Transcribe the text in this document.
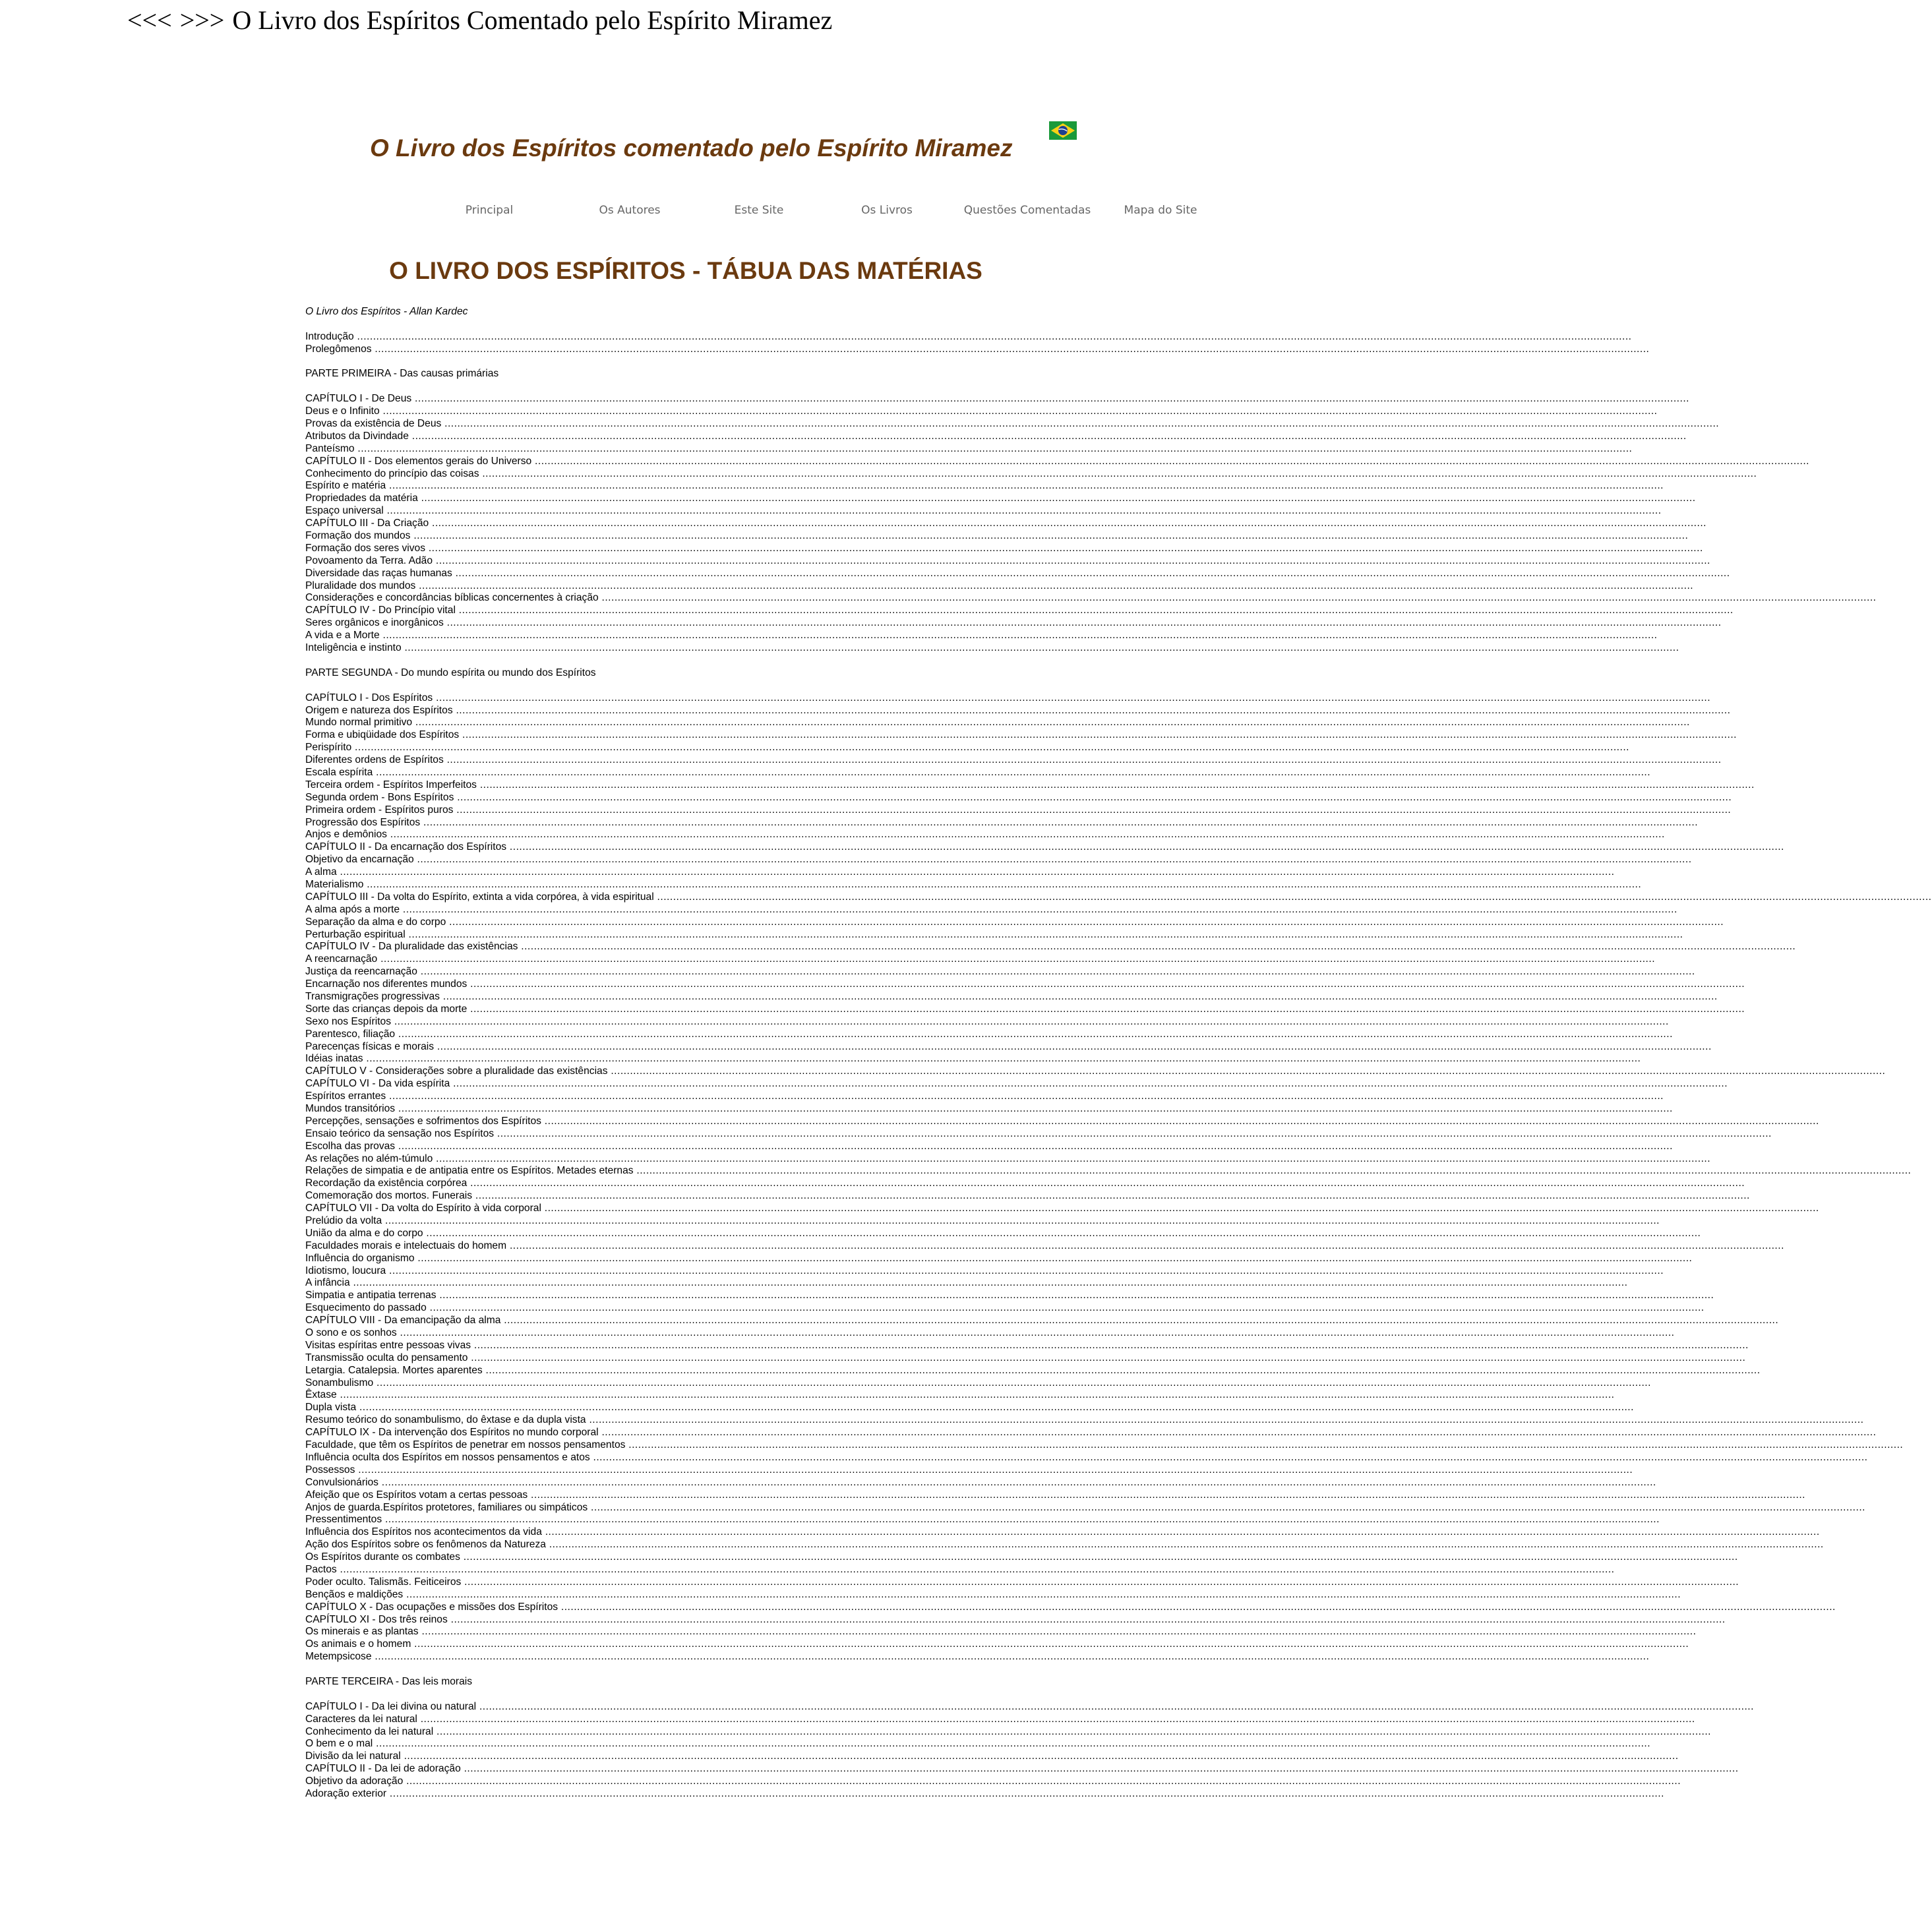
<<< >>> O Livro dos Espíritos Comentado pelo Espírito Miramez
O Livro dos Espíritos comentado pelo Espírito Miramez
Principal	Os Autores	Este Site	Os Livros	Questões Comentadas	Mapa do Site
O LIVRO DOS ESPÍRITOS - TÁBUA DAS MATÉRIAS
O Livro dos Espíritos - Allan Kardec
Introdução ................................................................................................................................................................................................................................................................................................................................................................................................................
Prolegômenos ................................................................................................................................................................................................................................................................................................................................................................................................................
PARTE PRIMEIRA - Das causas primárias
CAPÍTULO I - De Deus ................................................................................................................................................................................................................................................................................................................................................................................................................
Deus e o Infinito ................................................................................................................................................................................................................................................................................................................................................................................................................
Provas da existência de Deus ................................................................................................................................................................................................................................................................................................................................................................................................................
Atributos da Divindade ................................................................................................................................................................................................................................................................................................................................................................................................................
Panteísmo ................................................................................................................................................................................................................................................................................................................................................................................................................
CAPÍTULO II - Dos elementos gerais do Universo ................................................................................................................................................................................................................................................................................................................................................................................................................
Conhecimento do princípio das coisas ................................................................................................................................................................................................................................................................................................................................................................................................................
Espírito e matéria ................................................................................................................................................................................................................................................................................................................................................................................................................
Propriedades da matéria ................................................................................................................................................................................................................................................................................................................................................................................................................
Espaço universal ................................................................................................................................................................................................................................................................................................................................................................................................................
CAPÍTULO III - Da Criação ................................................................................................................................................................................................................................................................................................................................................................................................................
Formação dos mundos ................................................................................................................................................................................................................................................................................................................................................................................................................
Formação dos seres vivos ................................................................................................................................................................................................................................................................................................................................................................................................................
Povoamento da Terra. Adão ................................................................................................................................................................................................................................................................................................................................................................................................................
Diversidade das raças humanas ................................................................................................................................................................................................................................................................................................................................................................................................................
Pluralidade dos mundos ................................................................................................................................................................................................................................................................................................................................................................................................................
Considerações e concordâncias bíblicas concernentes à criação ................................................................................................................................................................................................................................................................................................................................................................................................................
CAPÍTULO IV - Do Princípio vital ................................................................................................................................................................................................................................................................................................................................................................................................................
Seres orgânicos e inorgânicos ................................................................................................................................................................................................................................................................................................................................................................................................................
A vida e a Morte ................................................................................................................................................................................................................................................................................................................................................................................................................
Inteligência e instinto ................................................................................................................................................................................................................................................................................................................................................................................................................
PARTE SEGUNDA - Do mundo espírita ou mundo dos Espíritos
CAPÍTULO I - Dos Espíritos ................................................................................................................................................................................................................................................................................................................................................................................................................
Origem e natureza dos Espíritos ................................................................................................................................................................................................................................................................................................................................................................................................................
Mundo normal primitivo ................................................................................................................................................................................................................................................................................................................................................................................................................
Forma e ubiqüidade dos Espíritos ................................................................................................................................................................................................................................................................................................................................................................................................................
Perispírito ................................................................................................................................................................................................................................................................................................................................................................................................................
Diferentes ordens de Espíritos ................................................................................................................................................................................................................................................................................................................................................................................................................
Escala espírita ................................................................................................................................................................................................................................................................................................................................................................................................................
Terceira ordem - Espíritos Imperfeitos ................................................................................................................................................................................................................................................................................................................................................................................................................
Segunda ordem - Bons Espíritos ................................................................................................................................................................................................................................................................................................................................................................................................................
Primeira ordem - Espíritos puros ................................................................................................................................................................................................................................................................................................................................................................................................................
Progressão dos Espíritos ................................................................................................................................................................................................................................................................................................................................................................................................................
Anjos e demônios ................................................................................................................................................................................................................................................................................................................................................................................................................
CAPÍTULO II - Da encarnação dos Espíritos ................................................................................................................................................................................................................................................................................................................................................................................................................
Objetivo da encarnação ................................................................................................................................................................................................................................................................................................................................................................................................................
A alma ................................................................................................................................................................................................................................................................................................................................................................................................................
Materialismo ................................................................................................................................................................................................................................................................................................................................................................................................................
CAPÍTULO III - Da volta do Espírito, extinta a vida corpórea, à vida espiritual ................................................................................................................................................................................................................................................................................................................................................................................................................
A alma após a morte ................................................................................................................................................................................................................................................................................................................................................................................................................
Separação da alma e do corpo ................................................................................................................................................................................................................................................................................................................................................................................................................
Perturbação espiritual ................................................................................................................................................................................................................................................................................................................................................................................................................
CAPÍTULO IV - Da pluralidade das existências ................................................................................................................................................................................................................................................................................................................................................................................................................
A reencarnação ................................................................................................................................................................................................................................................................................................................................................................................................................
Justiça da reencarnação ................................................................................................................................................................................................................................................................................................................................................................................................................
Encarnação nos diferentes mundos ................................................................................................................................................................................................................................................................................................................................................................................................................
Transmigrações progressivas ................................................................................................................................................................................................................................................................................................................................................................................................................
Sorte das crianças depois da morte ................................................................................................................................................................................................................................................................................................................................................................................................................
Sexo nos Espíritos ................................................................................................................................................................................................................................................................................................................................................................................................................
Parentesco, filiação ................................................................................................................................................................................................................................................................................................................................................................................................................
Parecenças físicas e morais ................................................................................................................................................................................................................................................................................................................................................................................................................
Idéias inatas ................................................................................................................................................................................................................................................................................................................................................................................................................
CAPÍTULO V - Considerações sobre a pluralidade das existências ................................................................................................................................................................................................................................................................................................................................................................................................................
CAPÍTULO VI - Da vida espírita ................................................................................................................................................................................................................................................................................................................................................................................................................
Espíritos errantes ................................................................................................................................................................................................................................................................................................................................................................................................................
Mundos transitórios ................................................................................................................................................................................................................................................................................................................................................................................................................
Percepções, sensações e sofrimentos dos Espíritos ................................................................................................................................................................................................................................................................................................................................................................................................................
Ensaio teórico da sensação nos Espíritos ................................................................................................................................................................................................................................................................................................................................................................................................................
Escolha das provas ................................................................................................................................................................................................................................................................................................................................................................................................................
As relações no além-túmulo ................................................................................................................................................................................................................................................................................................................................................................................................................
Relações de simpatia e de antipatia entre os Espíritos. Metades eternas ................................................................................................................................................................................................................................................................................................................................................................................................................
Recordação da existência corpórea ................................................................................................................................................................................................................................................................................................................................................................................................................
Comemoração dos mortos. Funerais ................................................................................................................................................................................................................................................................................................................................................................................................................
CAPÍTULO VII - Da volta do Espírito à vida corporal ................................................................................................................................................................................................................................................................................................................................................................................................................
Prelúdio da volta ................................................................................................................................................................................................................................................................................................................................................................................................................
União da alma e do corpo ................................................................................................................................................................................................................................................................................................................................................................................................................
Faculdades morais e intelectuais do homem ................................................................................................................................................................................................................................................................................................................................................................................................................
Influência do organismo ................................................................................................................................................................................................................................................................................................................................................................................................................
Idiotismo, loucura ................................................................................................................................................................................................................................................................................................................................................................................................................
A infância ................................................................................................................................................................................................................................................................................................................................................................................................................
Simpatia e antipatia terrenas ................................................................................................................................................................................................................................................................................................................................................................................................................
Esquecimento do passado ................................................................................................................................................................................................................................................................................................................................................................................................................
CAPÍTULO VIII - Da emancipação da alma ................................................................................................................................................................................................................................................................................................................................................................................................................
O sono e os sonhos ................................................................................................................................................................................................................................................................................................................................................................................................................
Visitas espíritas entre pessoas vivas ................................................................................................................................................................................................................................................................................................................................................................................................................
Transmissão oculta do pensamento ................................................................................................................................................................................................................................................................................................................................................................................................................
Letargia. Catalepsia. Mortes aparentes ................................................................................................................................................................................................................................................................................................................................................................................................................
Sonambulismo ................................................................................................................................................................................................................................................................................................................................................................................................................
Êxtase ................................................................................................................................................................................................................................................................................................................................................................................................................
Dupla vista ................................................................................................................................................................................................................................................................................................................................................................................................................
Resumo teórico do sonambulismo, do êxtase e da dupla vista ................................................................................................................................................................................................................................................................................................................................................................................................................
CAPÍTULO IX - Da intervenção dos Espíritos no mundo corporal ................................................................................................................................................................................................................................................................................................................................................................................................................
Faculdade, que têm os Espíritos de penetrar em nossos pensamentos ................................................................................................................................................................................................................................................................................................................................................................................................................
Influência oculta dos Espíritos em nossos pensamentos e atos ................................................................................................................................................................................................................................................................................................................................................................................................................
Possessos ................................................................................................................................................................................................................................................................................................................................................................................................................
Convulsionários ................................................................................................................................................................................................................................................................................................................................................................................................................
Afeição que os Espíritos votam a certas pessoas ................................................................................................................................................................................................................................................................................................................................................................................................................
Anjos de guarda.Espíritos protetores, familiares ou simpáticos ................................................................................................................................................................................................................................................................................................................................................................................................................
Pressentimentos ................................................................................................................................................................................................................................................................................................................................................................................................................
Influência dos Espíritos nos acontecimentos da vida ................................................................................................................................................................................................................................................................................................................................................................................................................
Ação dos Espíritos sobre os fenômenos da Natureza ................................................................................................................................................................................................................................................................................................................................................................................................................
Os Espíritos durante os combates ................................................................................................................................................................................................................................................................................................................................................................................................................
Pactos ................................................................................................................................................................................................................................................................................................................................................................................................................
Poder oculto. Talismãs. Feiticeiros ................................................................................................................................................................................................................................................................................................................................................................................................................
Bençãos e maldições ................................................................................................................................................................................................................................................................................................................................................................................................................
CAPÍTULO X - Das ocupações e missões dos Espíritos ................................................................................................................................................................................................................................................................................................................................................................................................................
CAPÍTULO XI - Dos três reinos ................................................................................................................................................................................................................................................................................................................................................................................................................
Os minerais e as plantas ................................................................................................................................................................................................................................................................................................................................................................................................................
Os animais e o homem ................................................................................................................................................................................................................................................................................................................................................................................................................
Metempsicose ................................................................................................................................................................................................................................................................................................................................................................................................................
PARTE TERCEIRA - Das leis morais
CAPÍTULO I - Da lei divina ou natural ................................................................................................................................................................................................................................................................................................................................................................................................................
Caracteres da lei natural ................................................................................................................................................................................................................................................................................................................................................................................................................
Conhecimento da lei natural ................................................................................................................................................................................................................................................................................................................................................................................................................
O bem e o mal ................................................................................................................................................................................................................................................................................................................................................................................................................
Divisão da lei natural ................................................................................................................................................................................................................................................................................................................................................................................................................
CAPÍTULO II - Da lei de adoração ................................................................................................................................................................................................................................................................................................................................................................................................................
Objetivo da adoração ................................................................................................................................................................................................................................................................................................................................................................................................................
Adoração exterior ................................................................................................................................................................................................................................................................................................................................................................................................................
